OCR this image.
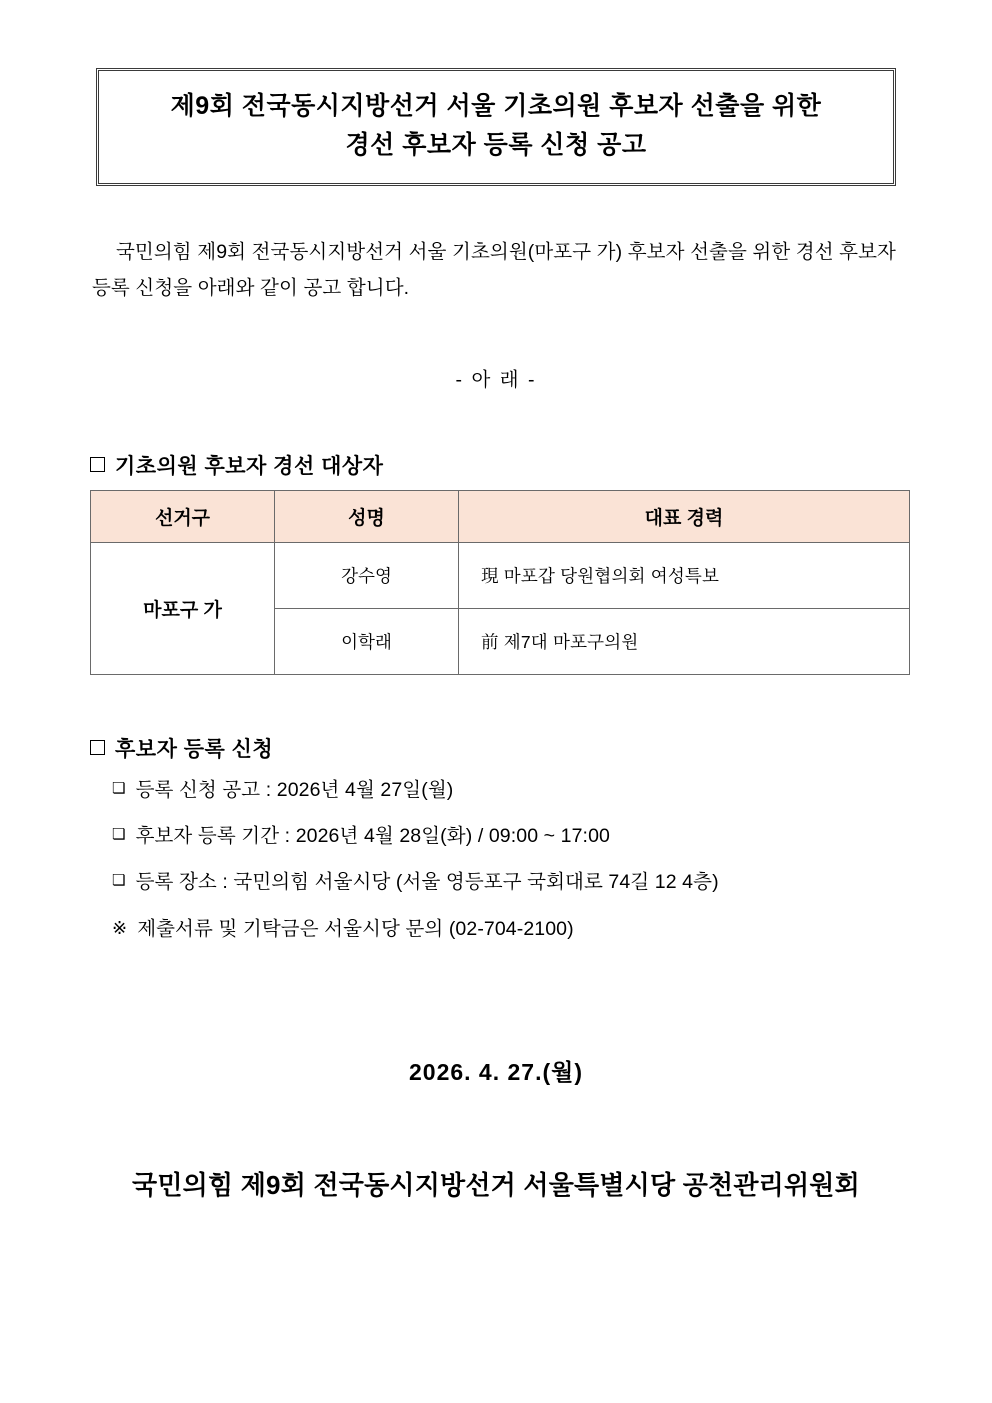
제9회 전국동시지방선거 서울 기초의원 후보자 선출을 위한
경선 후보자 등록 신청 공고

국민의힘 제9회 전국동시지방선거 서울 기초의원(마포구 가) 후보자 선출을 위한 경선 후보자 등록 신청을 아래와 같이 공고 합니다.

- 아 래 -
기초의원 후보자 경선 대상자
선거구	성명	대표 경력
마포구 가	강수영	現 마포갑 당원협의회 여성특보
	이학래	前 제7대 마포구의원
후보자 등록 신청
❏ 등록 신청 공고 : 2026년 4월 27일(월)
❏ 후보자 등록 기간 : 2026년 4월 28일(화) / 09:00 ~ 17:00
❏ 등록 장소 : 국민의힘 서울시당 (서울 영등포구 국회대로 74길 12 4층)
※ 제출서류 및 기탁금은 서울시당 문의 (02-704-2100)
2026. 4. 27.(월)
국민의힘 제9회 전국동시지방선거 서울특별시당 공천관리위원회
